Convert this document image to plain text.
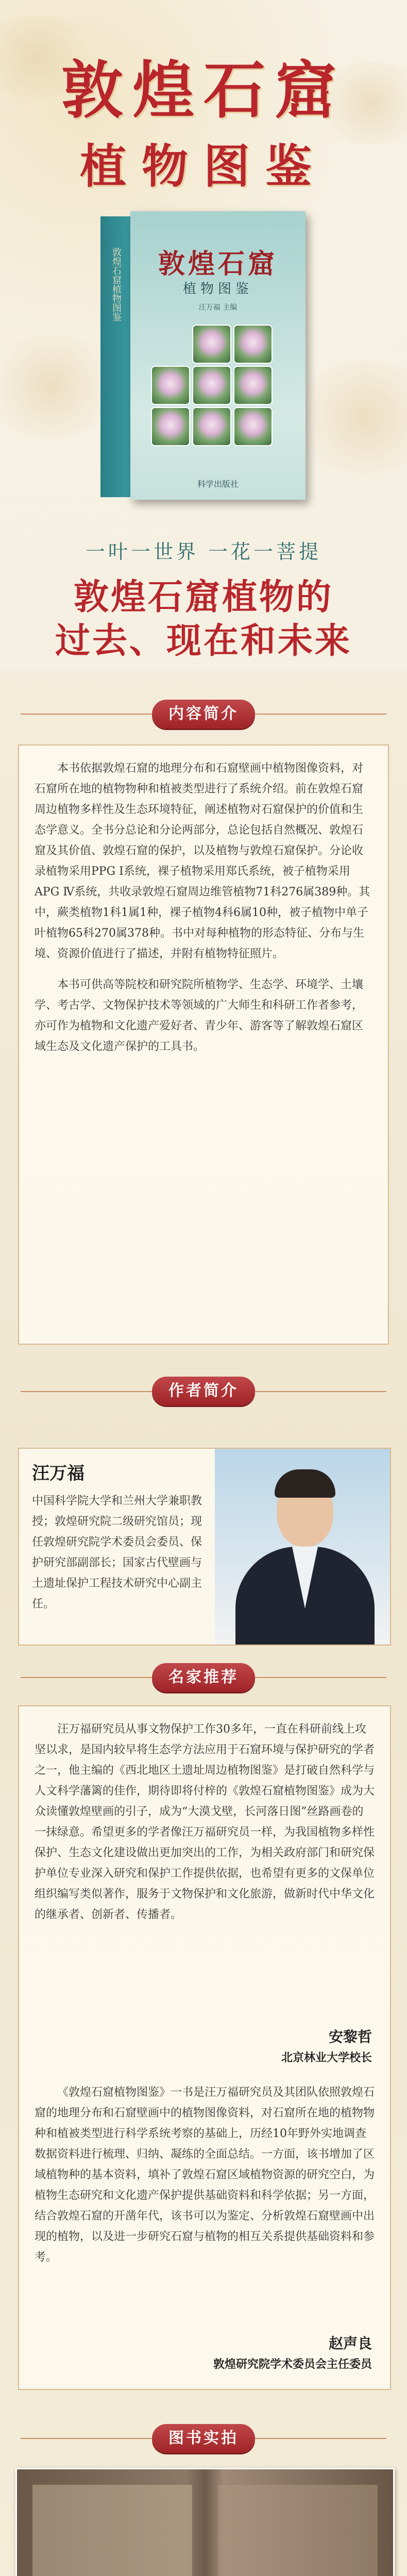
敦煌石窟
植物图鉴
敦煌石窟植物图鉴	敦煌石窟
植物图鉴
汪万福 主编
科学出版社
一叶一世界 一花一菩提
敦煌石窟植物的
过去、现在和未来
内容简介

本书依据敦煌石窟的地理分布和石窟壁画中植物图像资料，对石窟所在地的植物物种和植被类型进行了系统介绍。前在敦煌石窟周边植物多样性及生态环境特征，阐述植物对石窟保护的价值和生态学意义。全书分总论和分论两部分，总论包括自然概况、敦煌石窟及其价值、敦煌石窟的保护，以及植物与敦煌石窟保护。分论收录植物采用PPG I系统，裸子植物采用郑氏系统，被子植物采用APG Ⅳ系统，共收录敦煌石窟周边维管植物71科276属389种。其中，蕨类植物1科1属1种，裸子植物4科6属10种，被子植物中单子叶植物65科270属378种。书中对每种植物的形态特征、分布与生境、资源价值进行了描述，并附有植物特征照片。

本书可供高等院校和研究院所植物学、生态学、环境学、土壤学、考古学、文物保护技术等领域的广大师生和科研工作者参考，亦可作为植物和文化遗产爱好者、青少年、游客等了解敦煌石窟区域生态及文化遗产保护的工具书。

作者简介
汪万福
中国科学院大学和兰州大学兼职教授；敦煌研究院二级研究馆员；现任敦煌研究院学术委员会委员、保护研究部副部长；国家古代壁画与土遗址保护工程技术研究中心副主任。
名家推荐

汪万福研究员从事文物保护工作30多年，一直在科研前线上攻坚以求，是国内较早将生态学方法应用于石窟环境与保护研究的学者之一，他主编的《西北地区土遗址周边植物图鉴》是打破自然科学与人文科学藩篱的佳作，期待即将付梓的《敦煌石窟植物图鉴》成为大众读懂敦煌壁画的引子，成为“大漠戈壁，长河落日图”丝路画卷的一抹绿意。希望更多的学者像汪万福研究员一样，为我国植物多样性保护、生态文化建设做出更加突出的工作，为相关政府部门和研究保护单位专业深入研究和保护工作提供依据，也希望有更多的文保单位组织编写类似著作，服务于文物保护和文化旅游，做新时代中华文化的继承者、创新者、传播者。

安黎哲
北京林业大学校长

《敦煌石窟植物图鉴》一书是汪万福研究员及其团队依照敦煌石窟的地理分布和石窟壁画中的植物图像资料，对石窟所在地的植物物种和植被类型进行科学系统考察的基础上，历经10年野外实地调查数据资料进行梳理、归纳、凝练的全面总结。一方面，该书增加了区域植物种的基本资料，填补了敦煌石窟区域植物资源的研究空白，为植物生态研究和文化遗产保护提供基础资料和科学依据；另一方面，结合敦煌石窟的开凿年代，该书可以为鉴定、分析敦煌石窟壁画中出现的植物，以及进一步研究石窟与植物的相互关系提供基础资料和参考。

赵声良
敦煌研究院学术委员会主任委员
图书实拍
